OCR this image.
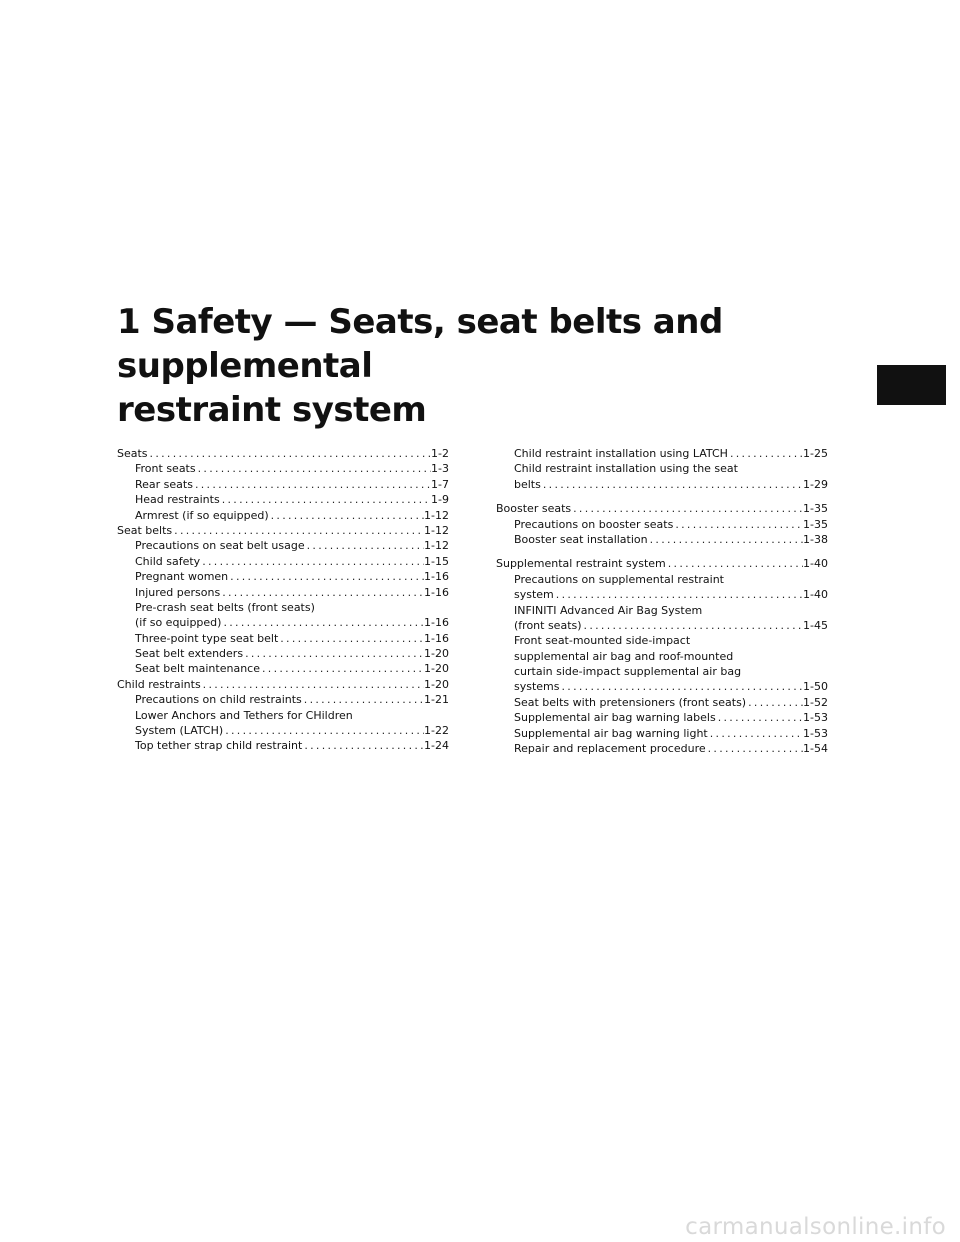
1 Safety — Seats, seat belts and supplemental
restraint system
Seats . . .	1-2
Front seats . . .	1-3
Rear seats . . .	1-7
Head restraints . . .	1-9
Armrest (if so equipped) . . .	1-12
Seat belts . . .	1-12
Precautions on seat belt usage . . .	1-12
Child safety . . .	1-15
Pregnant women . . .	1-16
Injured persons . . .	1-16
Pre-crash seat belts (front seats)
(if so equipped) . . .	1-16
Three-point type seat belt . . .	1-16
Seat belt extenders . . .	1-20
Seat belt maintenance . . .	1-20
Child restraints . . .	1-20
Precautions on child restraints . . .	1-21
Lower Anchors and Tethers for CHildren
System (LATCH) . . .	1-22
Top tether strap child restraint . . .	1-24
Child restraint installation using LATCH . . .	1-25
Child restraint installation using the seat
belts . . .	1-29
Booster seats . . .	1-35
Precautions on booster seats . . .	1-35
Booster seat installation . . .	1-38
Supplemental restraint system . . .	1-40
Precautions on supplemental restraint
system . . .	1-40
INFINITI Advanced Air Bag System
(front seats) . . .	1-45
Front seat-mounted side-impact
supplemental air bag and roof-mounted
curtain side-impact supplemental air bag
systems . . .	1-50
Seat belts with pretensioners (front seats) . . .	1-52
Supplemental air bag warning labels . . .	1-53
Supplemental air bag warning light . . .	1-53
Repair and replacement procedure . . .	1-54
carmanualsonline.info
